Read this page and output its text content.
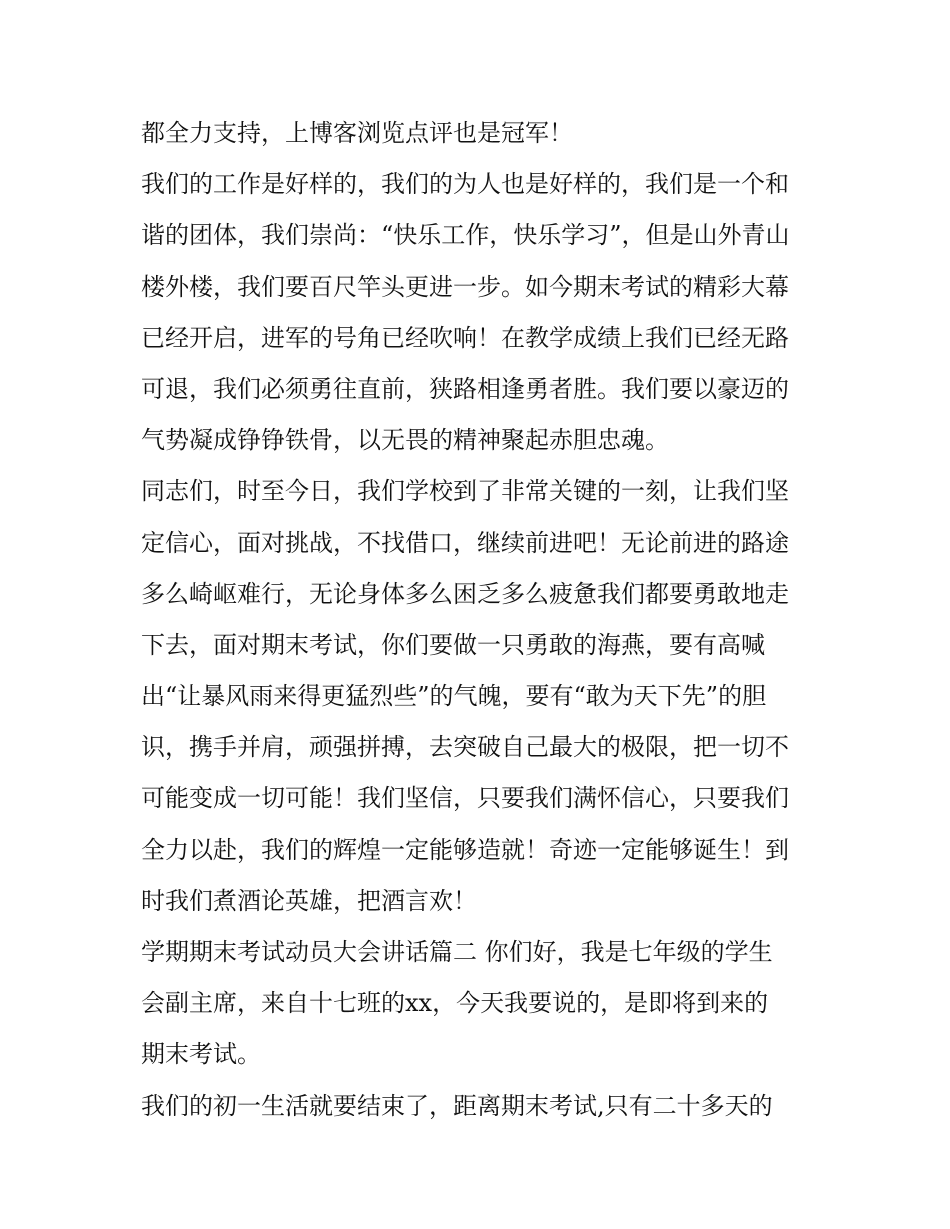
都全力支持，上博客浏览点评也是冠军！

我们的工作是好样的，我们的为人也是好样的，我们是一个和

谐的团体，我们崇尚：“快乐工作，快乐学习”，但是山外青山

楼外楼，我们要百尺竿头更进一步。如今期末考试的精彩大幕

已经开启，进军的号角已经吹响！在教学成绩上我们已经无路

可退，我们必须勇往直前，狭路相逢勇者胜。我们要以豪迈的

气势凝成铮铮铁骨，以无畏的精神聚起赤胆忠魂。

同志们，时至今日，我们学校到了非常关键的一刻，让我们坚

定信心，面对挑战，不找借口，继续前进吧！无论前进的路途

多么崎岖难行，无论身体多么困乏多么疲惫我们都要勇敢地走

下去，面对期末考试，你们要做一只勇敢的海燕，要有高喊

出“让暴风雨来得更猛烈些”的气魄，要有“敢为天下先”的胆

识，携手并肩，顽强拼搏，去突破自己最大的极限，把一切不

可能变成一切可能！我们坚信，只要我们满怀信心，只要我们

全力以赴，我们的辉煌一定能够造就！奇迹一定能够诞生！到

时我们煮酒论英雄，把酒言欢！

学期期末考试动员大会讲话篇二 你们好，我是七年级的学生

会副主席，来自十七班的xx，今天我要说的，是即将到来的

期末考试。

我们的初一生活就要结束了，距离期末考试,只有二十多天的
